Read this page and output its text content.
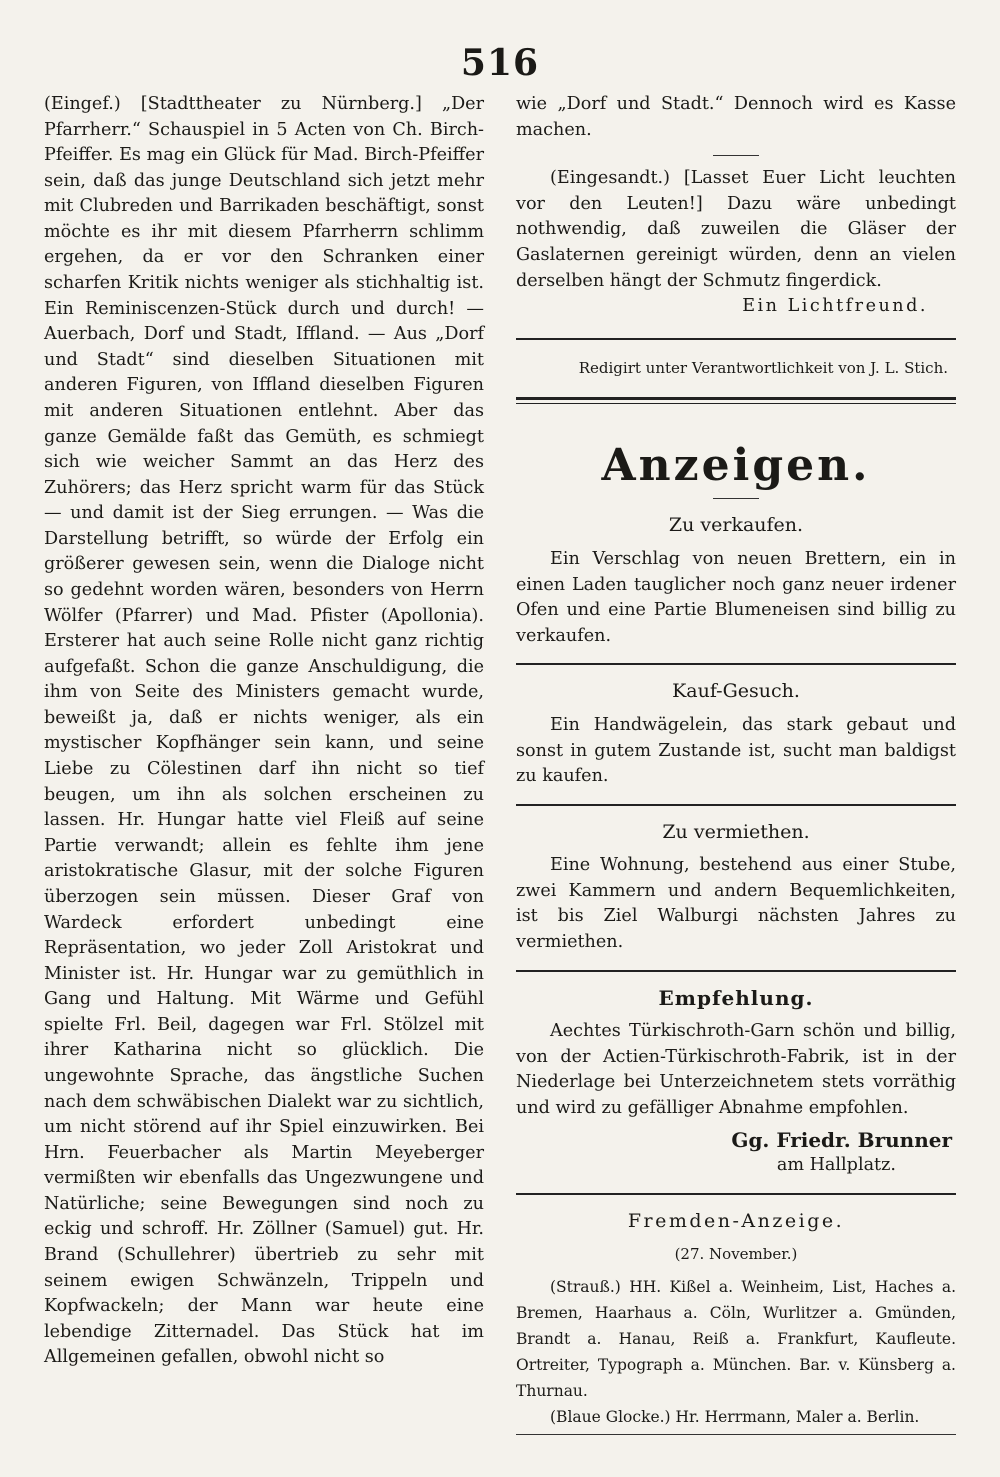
516

(Eingef.) [Stadttheater zu Nürnberg.] „Der Pfarrherr.“ Schauspiel in 5 Acten von Ch. Birch-Pfeiffer. Es mag ein Glück für Mad. Birch-Pfeiffer sein, daß das junge Deutschland sich jetzt mehr mit Clubreden und Barrikaden beschäftigt, sonst möchte es ihr mit diesem Pfarrherrn schlimm ergehen, da er vor den Schranken einer scharfen Kritik nichts weniger als stichhaltig ist. Ein Reminiscenzen-Stück durch und durch! — Auerbach, Dorf und Stadt, Iffland. — Aus „Dorf und Stadt“ sind dieselben Situationen mit anderen Figuren, von Iffland dieselben Figuren mit anderen Situationen entlehnt. Aber das ganze Gemälde faßt das Gemüth, es schmiegt sich wie weicher Sammt an das Herz des Zuhörers; das Herz spricht warm für das Stück — und damit ist der Sieg errungen. — Was die Darstellung betrifft, so würde der Erfolg ein größerer gewesen sein, wenn die Dialoge nicht so gedehnt worden wären, besonders von Herrn Wölfer (Pfarrer) und Mad. Pfister (Apollonia). Ersterer hat auch seine Rolle nicht ganz richtig aufgefaßt. Schon die ganze Anschuldigung, die ihm von Seite des Ministers gemacht wurde, beweißt ja, daß er nichts weniger, als ein mystischer Kopfhänger sein kann, und seine Liebe zu Cölestinen darf ihn nicht so tief beugen, um ihn als solchen erscheinen zu lassen. Hr. Hungar hatte viel Fleiß auf seine Partie verwandt; allein es fehlte ihm jene aristokratische Glasur, mit der solche Figuren überzogen sein müssen. Dieser Graf von Wardeck erfordert unbedingt eine Repräsentation, wo jeder Zoll Aristokrat und Minister ist. Hr. Hungar war zu gemüthlich in Gang und Haltung. Mit Wärme und Gefühl spielte Frl. Beil, dagegen war Frl. Stölzel mit ihrer Katharina nicht so glücklich. Die ungewohnte Sprache, das ängstliche Suchen nach dem schwäbischen Dialekt war zu sichtlich, um nicht störend auf ihr Spiel einzuwirken. Bei Hrn. Feuerbacher als Martin Meyeberger vermißten wir ebenfalls das Ungezwungene und Natürliche; seine Bewegungen sind noch zu eckig und schroff. Hr. Zöllner (Samuel) gut. Hr. Brand (Schullehrer) übertrieb zu sehr mit seinem ewigen Schwänzeln, Trippeln und Kopfwackeln; der Mann war heute eine lebendige Zitternadel. Das Stück hat im Allgemeinen gefallen, obwohl nicht so

wie „Dorf und Stadt.“ Dennoch wird es Kasse machen.

(Eingesandt.) [Lasset Euer Licht leuchten vor den Leuten!] Dazu wäre unbedingt nothwendig, daß zuweilen die Gläser der Gaslaternen gereinigt würden, denn an vielen derselben hängt der Schmutz fingerdick.

Ein Lichtfreund.

Redigirt unter Verantwortlichkeit von J. L. Stich.
Anzeigen.
Zu verkaufen.

Ein Verschlag von neuen Brettern, ein in einen Laden tauglicher noch ganz neuer irdener Ofen und eine Partie Blumeneisen sind billig zu verkaufen.

Kauf-Gesuch.

Ein Handwägelein, das stark gebaut und sonst in gutem Zustande ist, sucht man baldigst zu kaufen.

Zu vermiethen.

Eine Wohnung, bestehend aus einer Stube, zwei Kammern und andern Bequemlichkeiten, ist bis Ziel Walburgi nächsten Jahres zu vermiethen.

Empfehlung.

Aechtes Türkischroth-Garn schön und billig, von der Actien-Türkischroth-Fabrik, ist in der Niederlage bei Unterzeichnetem stets vorräthig und wird zu gefälliger Abnahme empfohlen.

Gg. Friedr. Brunner
am Hallplatz.
Fremden-Anzeige.
(27. November.)

(Strauß.) HH. Kißel a. Weinheim, List, Haches a. Bremen, Haarhaus a. Cöln, Wurlitzer a. Gmünden, Brandt a. Hanau, Reiß a. Frankfurt, Kaufleute. Ortreiter, Typograph a. München. Bar. v. Künsberg a. Thurnau.

(Blaue Glocke.) Hr. Herrmann, Maler a. Berlin.
